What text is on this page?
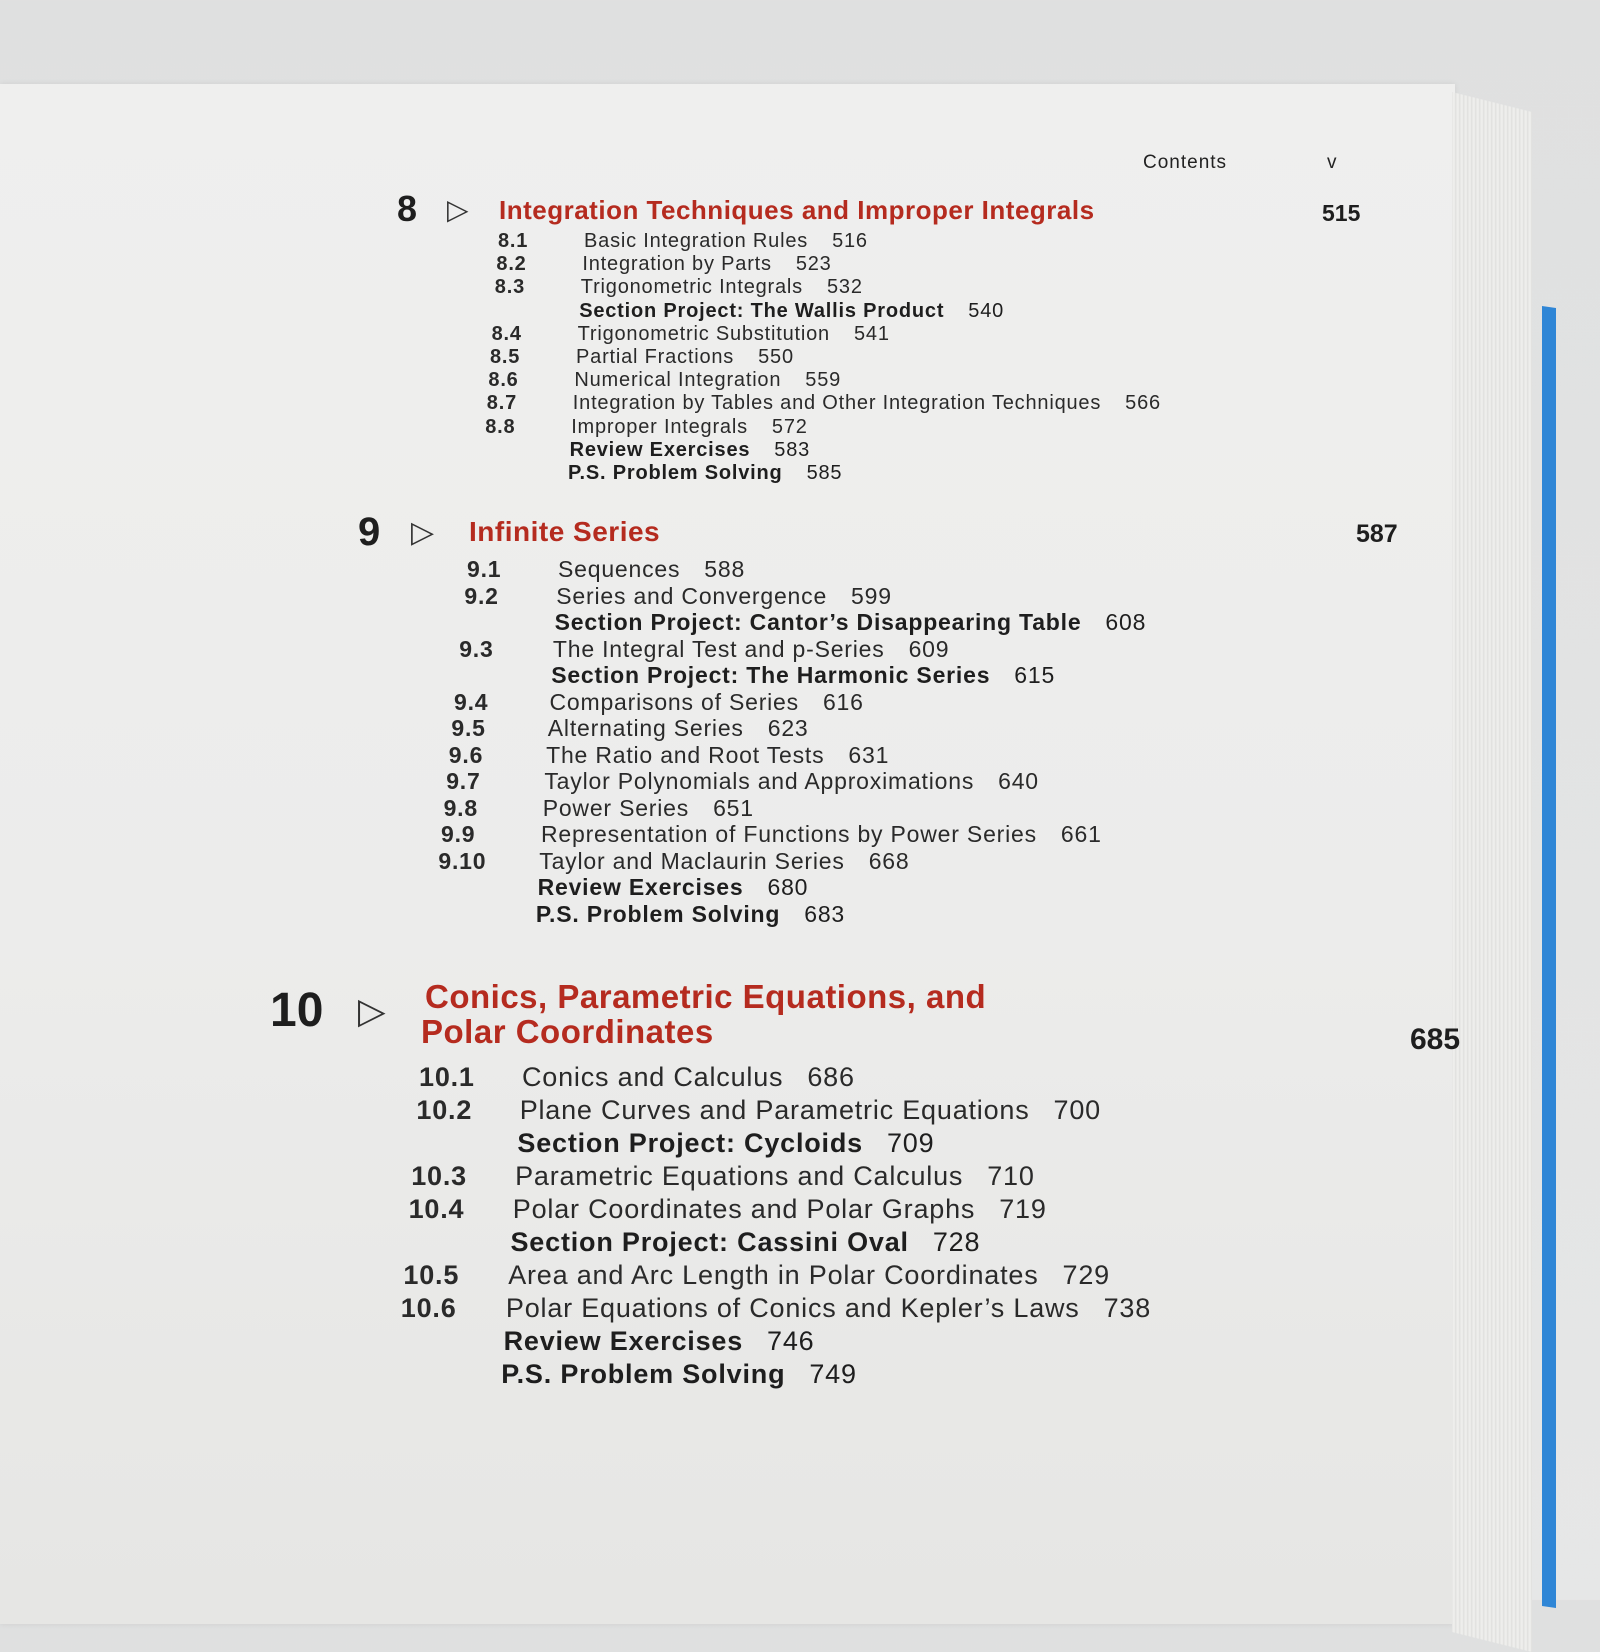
Contents	v
8 ▷ Integration Techniques and Improper Integrals	515
8.1	Basic Integration Rules 516
8.2	Integration by Parts 523
8.3	Trigonometric Integrals 532
Section Project: The Wallis Product 540
8.4	Trigonometric Substitution 541
8.5	Partial Fractions 550
8.6	Numerical Integration 559
8.7	Integration by Tables and Other Integration Techniques 566
8.8	Improper Integrals 572
Review Exercises 583
P.S. Problem Solving 585
9 ▷ Infinite Series	587
9.1 Sequences 588
9.2	Series and Convergence 599
Section Project: Cantor’s Disappearing Table 608
9.3	The Integral Test and p-Series 609
Section Project: The Harmonic Series 615
9.4	Comparisons of Series 616
9.5	Alternating Series 623
9.6	The Ratio and Root Tests 631
9.7	Taylor Polynomials and Approximations 640
9.8	Power Series 651
9.9	Representation of Functions by Power Series 661
9.10 Taylor and Maclaurin Series 668
Review Exercises 680
P.S. Problem Solving 683
10 ▷ Conics, Parametric Equations, and
Polar Coordinates	685
10.1 Conics and Calculus 686
10.2 Plane Curves and Parametric Equations 700
Section Project: Cycloids 709
10.3 Parametric Equations and Calculus 710
10.4 Polar Coordinates and Polar Graphs 719
Section Project: Cassini Oval 728
10.5 Area and Arc Length in Polar Coordinates 729
10.6 Polar Equations of Conics and Kepler’s Laws 738
Review Exercises 746
P.S. Problem Solving 749
